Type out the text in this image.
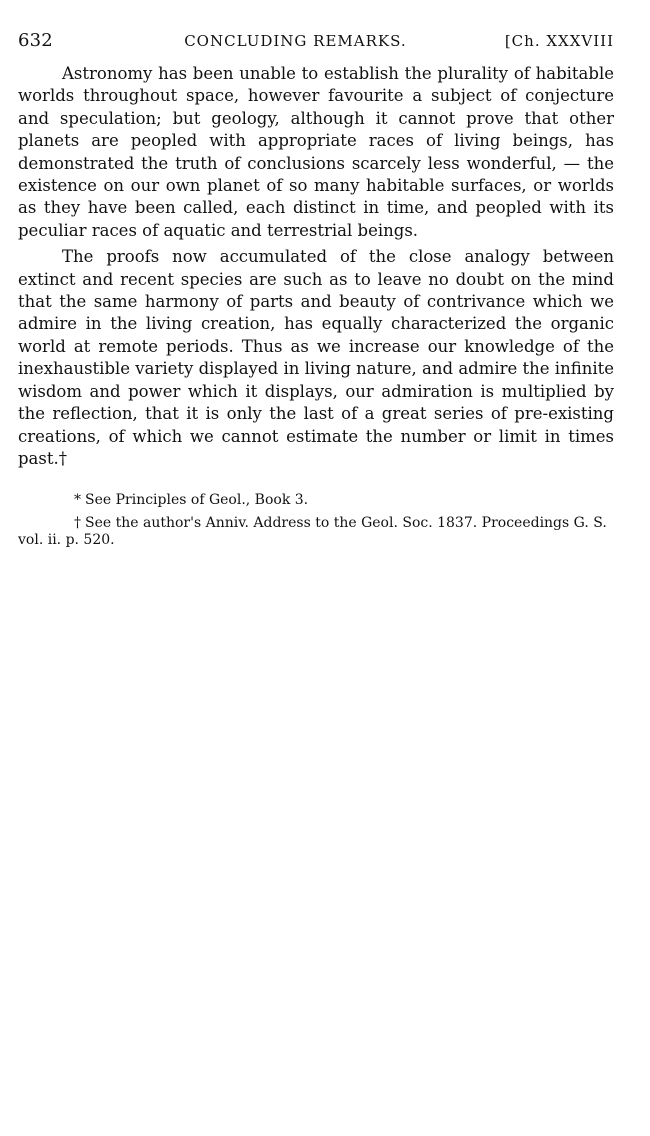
632	CONCLUDING REMARKS.	[Ch. XXXVIII

Astronomy has been unable to establish the plurality of habitable worlds throughout space, however favourite a subject of conjecture and speculation; but geology, although it cannot prove that other planets are peopled with appropriate races of living beings, has demonstrated the truth of conclusions scarcely less wonderful, — the existence on our own planet of so many habitable surfaces, or worlds as they have been called, each distinct in time, and peopled with its peculiar races of aquatic and terrestrial beings.

The proofs now accumulated of the close analogy between extinct and recent species are such as to leave no doubt on the mind that the same harmony of parts and beauty of contrivance which we admire in the living creation, has equally characterized the organic world at remote periods. Thus as we increase our knowledge of the inexhaustible variety displayed in living nature, and admire the infinite wisdom and power which it displays, our admiration is multiplied by the reflection, that it is only the last of a great series of pre-existing creations, of which we cannot estimate the number or limit in times past.†

* See Principles of Geol., Book 3.

† See the author's Anniv. Address to the Geol. Soc. 1837. Proceedings G. S. vol. ii. p. 520.
